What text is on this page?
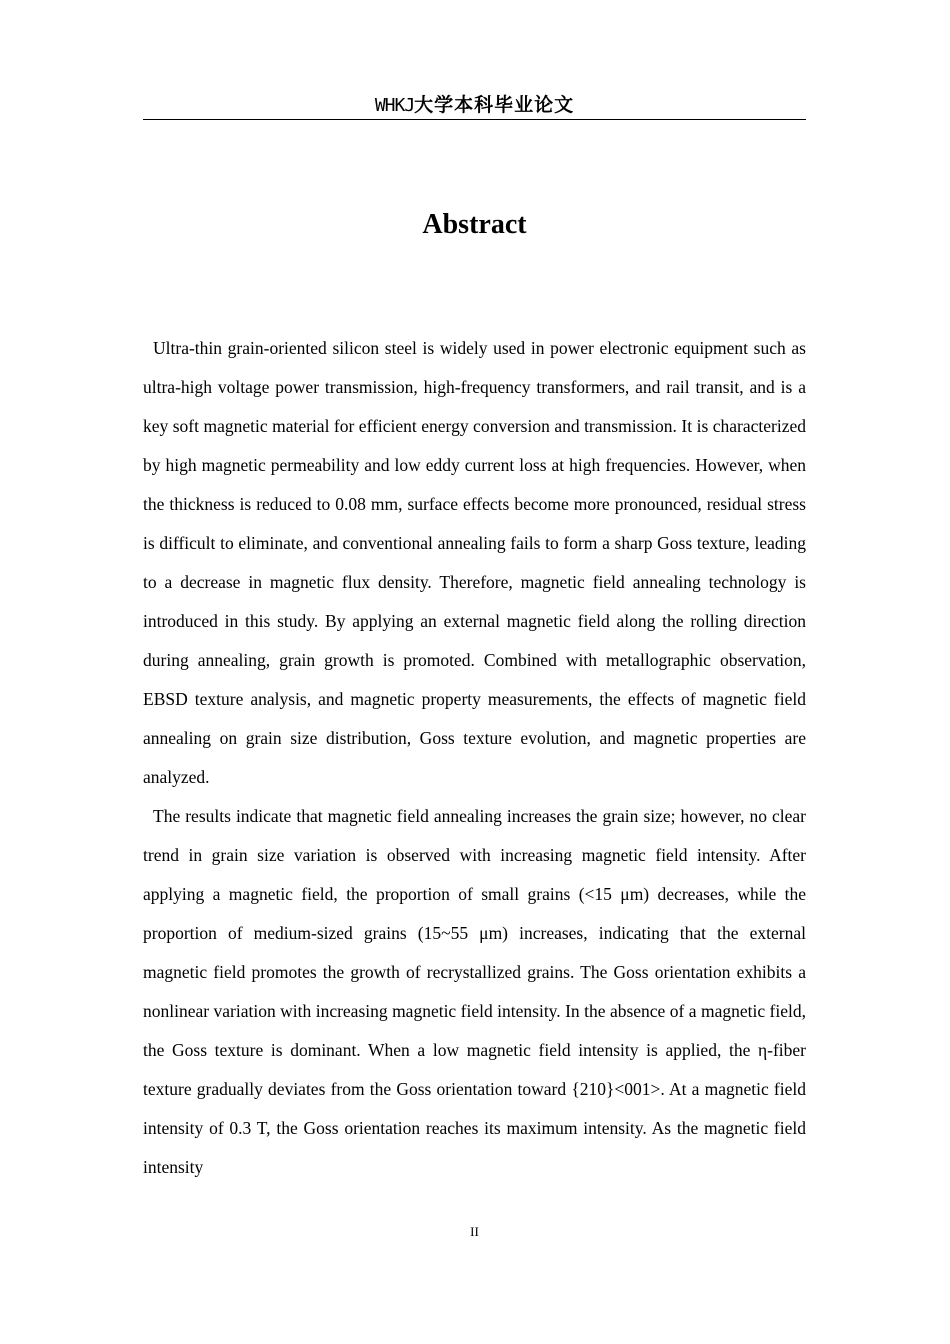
WHKJ大学本科毕业论文
Abstract

Ultra-thin grain-oriented silicon steel is widely used in power electronic equipment such as ultra-high voltage power transmission, high-frequency transformers, and rail transit, and is a key soft magnetic material for efficient energy conversion and transmission. It is characterized by high magnetic permeability and low eddy current loss at high frequencies. However, when the thickness is reduced to 0.08 mm, surface effects become more pronounced, residual stress is difficult to eliminate, and conventional annealing fails to form a sharp Goss texture, leading to a decrease in magnetic flux density. Therefore, magnetic field annealing technology is introduced in this study. By applying an external magnetic field along the rolling direction during annealing, grain growth is promoted. Combined with metallographic observation, EBSD texture analysis, and magnetic property measurements, the effects of magnetic field annealing on grain size distribution, Goss texture evolution, and magnetic properties are analyzed.

The results indicate that magnetic field annealing increases the grain size; however, no clear trend in grain size variation is observed with increasing magnetic field intensity. After applying a magnetic field, the proportion of small grains (<15 μm) decreases, while the proportion of medium-sized grains (15~55 μm) increases, indicating that the external magnetic field promotes the growth of recrystallized grains. The Goss orientation exhibits a nonlinear variation with increasing magnetic field intensity. In the absence of a magnetic field, the Goss texture is dominant. When a low magnetic field intensity is applied, the η-fiber texture gradually deviates from the Goss orientation toward {210}<001>. At a magnetic field intensity of 0.3 T, the Goss orientation reaches its maximum intensity. As the magnetic field intensity

II
